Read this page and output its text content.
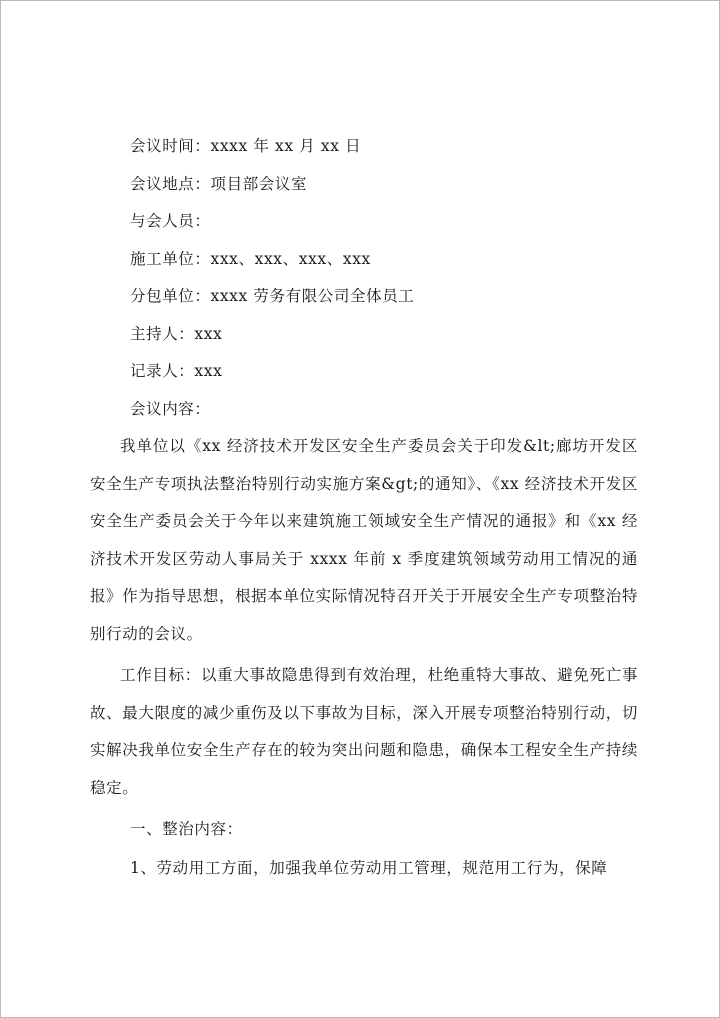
会议时间：xxxx 年 xx 月 xx 日
会议地点：项目部会议室
与会人员：
施工单位：xxx、xxx、xxx、xxx
分包单位：xxxx 劳务有限公司全体员工
主持人：xxx
记录人：xxx
会议内容：

我单位以《xx 经济技术开发区安全生产委员会关于印发&lt;廊坊开发区安全生产专项执法整治特别行动实施方案&gt;的通知》、《xx 经济技术开发区安全生产委员会关于今年以来建筑施工领域安全生产情况的通报》和《xx 经济技术开发区劳动人事局关于 xxxx 年前 x 季度建筑领域劳动用工情况的通报》作为指导思想，根据本单位实际情况特召开关于开展安全生产专项整治特别行动的会议。

工作目标：以重大事故隐患得到有效治理，杜绝重特大事故、避免死亡事故、最大限度的减少重伤及以下事故为目标，深入开展专项整治特别行动，切实解决我单位安全生产存在的较为突出问题和隐患，确保本工程安全生产持续稳定。

一、整治内容：
1、劳动用工方面，加强我单位劳动用工管理，规范用工行为，保障
